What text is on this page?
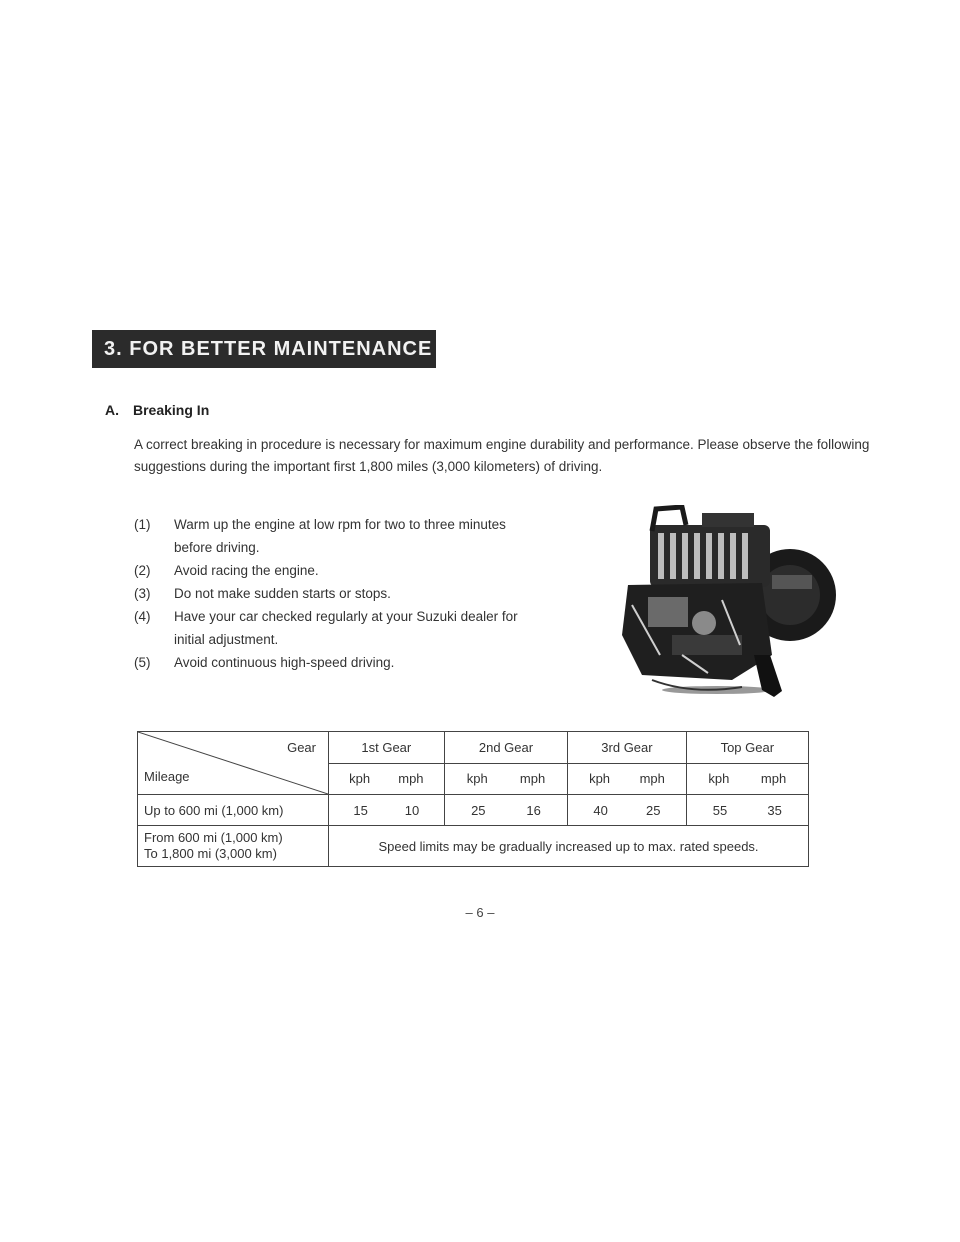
3. FOR BETTER MAINTENANCE
A. Breaking In
A correct breaking in procedure is necessary for maximum engine durability and performance. Please observe the following suggestions during the important first 1,800 miles (3,000 kilometers) of driving.
(1)	Warm up the engine at low rpm for two to three minutes before driving.
(2)	Avoid racing the engine.
(3)	Do not make sudden starts or stops.
(4)	Have your car checked regularly at your Suzuki dealer for initial adjustment.
(5)	Avoid continuous high-speed driving.
Gear
Mileage	1st Gear	2nd Gear	3rd Gear	Top Gear

	kph mph	kph mph	kph mph	kph mph

Up to 600 mi (1,000 km)	15 10	25 16	40 25	55 35

From 600 mi (1,000 km)
To 1,800 mi (3,000 km)	Speed limits may be gradually increased up to max. rated speeds.			
– 6 –
